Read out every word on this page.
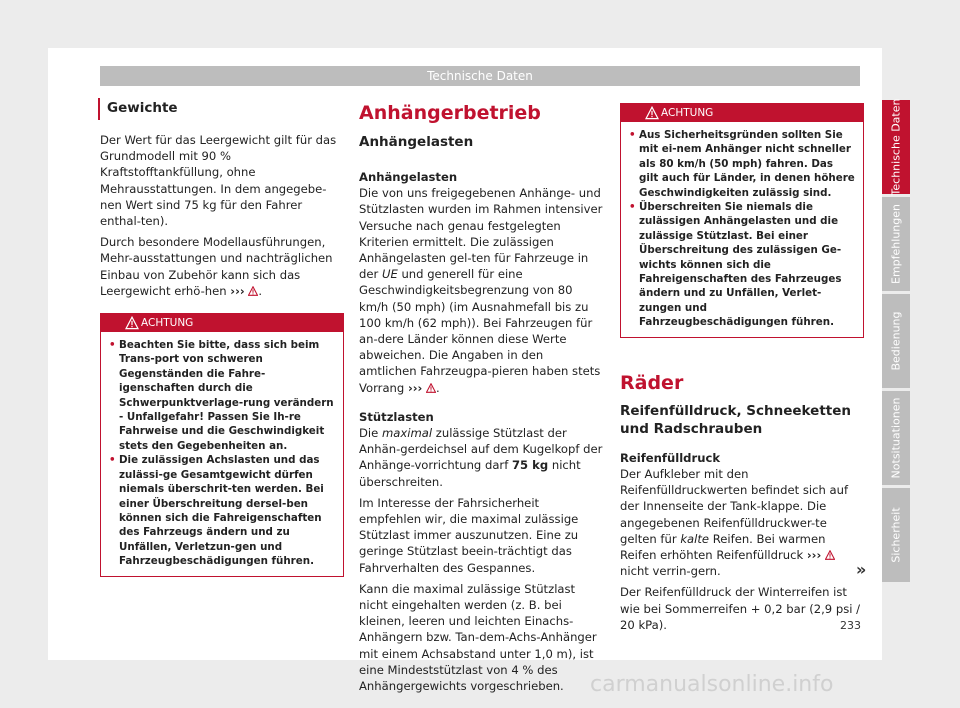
Technische Daten
Gewichte

Der Wert für das Leergewicht gilt für das Grundmodell mit 90 % Kraftstofftankfüllung, ohne Mehrausstattungen. In dem angegebe-nen Wert sind 75 kg für den Fahrer enthal-ten).

Durch besondere Modellausführungen, Mehr-ausstattungen und nachträglichen Einbau von Zubehör kann sich das Leergewicht erhö-hen ››› .

ACHTUNG
• Beachten Sie bitte, dass sich beim Trans-port von schweren Gegenständen die Fahre-igenschaften durch die Schwerpunktverlage-rung verändern - Unfallgefahr! Passen Sie Ih-re Fahrweise und die Geschwindigkeit stets den Gegebenheiten an.
• Die zulässigen Achslasten und das zulässi-ge Gesamtgewicht dürfen niemals überschrit-ten werden. Bei einer Überschreitung dersel-ben können sich die Fahreigenschaften des Fahrzeugs ändern und zu Unfällen, Verletzun-gen und Fahrzeugbeschädigungen führen.
Anhängerbetrieb
Anhängelasten
Anhängelasten

Die von uns freigegebenen Anhänge- und Stützlasten wurden im Rahmen intensiver Versuche nach genau festgelegten Kriterien ermittelt. Die zulässigen Anhängelasten gel-ten für Fahrzeuge in der UE und generell für eine Geschwindigkeitsbegrenzung von 80 km/h (50 mph) (im Ausnahmefall bis zu 100 km/h (62 mph)). Bei Fahrzeugen für an-dere Länder können diese Werte abweichen. Die Angaben in den amtlichen Fahrzeugpa-pieren haben stets Vorrang ››› .

Stützlasten

Die maximal zulässige Stützlast der Anhän-gerdeichsel auf dem Kugelkopf der Anhänge-vorrichtung darf 75 kg nicht überschreiten.

Im Interesse der Fahrsicherheit empfehlen wir, die maximal zulässige Stützlast immer auszunutzen. Eine zu geringe Stützlast beein-trächtigt das Fahrverhalten des Gespannes.

Kann die maximal zulässige Stützlast nicht eingehalten werden (z. B. bei kleinen, leeren und leichten Einachs-Anhängern bzw. Tan-dem-Achs-Anhänger mit einem Achsabstand unter 1,0 m), ist eine Mindeststützlast von 4 % des Anhängergewichts vorgeschrieben.

ACHTUNG
• Aus Sicherheitsgründen sollten Sie mit ei-nem Anhänger nicht schneller als 80 km/h (50 mph) fahren. Das gilt auch für Länder, in denen höhere Geschwindigkeiten zulässig sind.
• Überschreiten Sie niemals die zulässigen Anhängelasten und die zulässige Stützlast. Bei einer Überschreitung des zulässigen Ge-wichts können sich die Fahreigenschaften des Fahrzeuges ändern und zu Unfällen, Verlet-zungen und Fahrzeugbeschädigungen führen.
Räder
Reifenfülldruck, Schneeketten und Radschrauben
Reifenfülldruck

Der Aufkleber mit den Reifenfülldruckwerten befindet sich auf der Innenseite der Tank-klappe. Die angegebenen Reifenfülldruckwer-te gelten für kalte Reifen. Bei warmen Reifen erhöhten Reifenfülldruck ›››  nicht verrin-gern.

Der Reifenfülldruck der Winterreifen ist wie bei Sommerreifen + 0,2 bar (2,9 psi / 20 kPa).

»
Technische Daten
Empfehlungen
Bedienung
Notsituationen
Sicherheit
233
carmanualsonline.info
